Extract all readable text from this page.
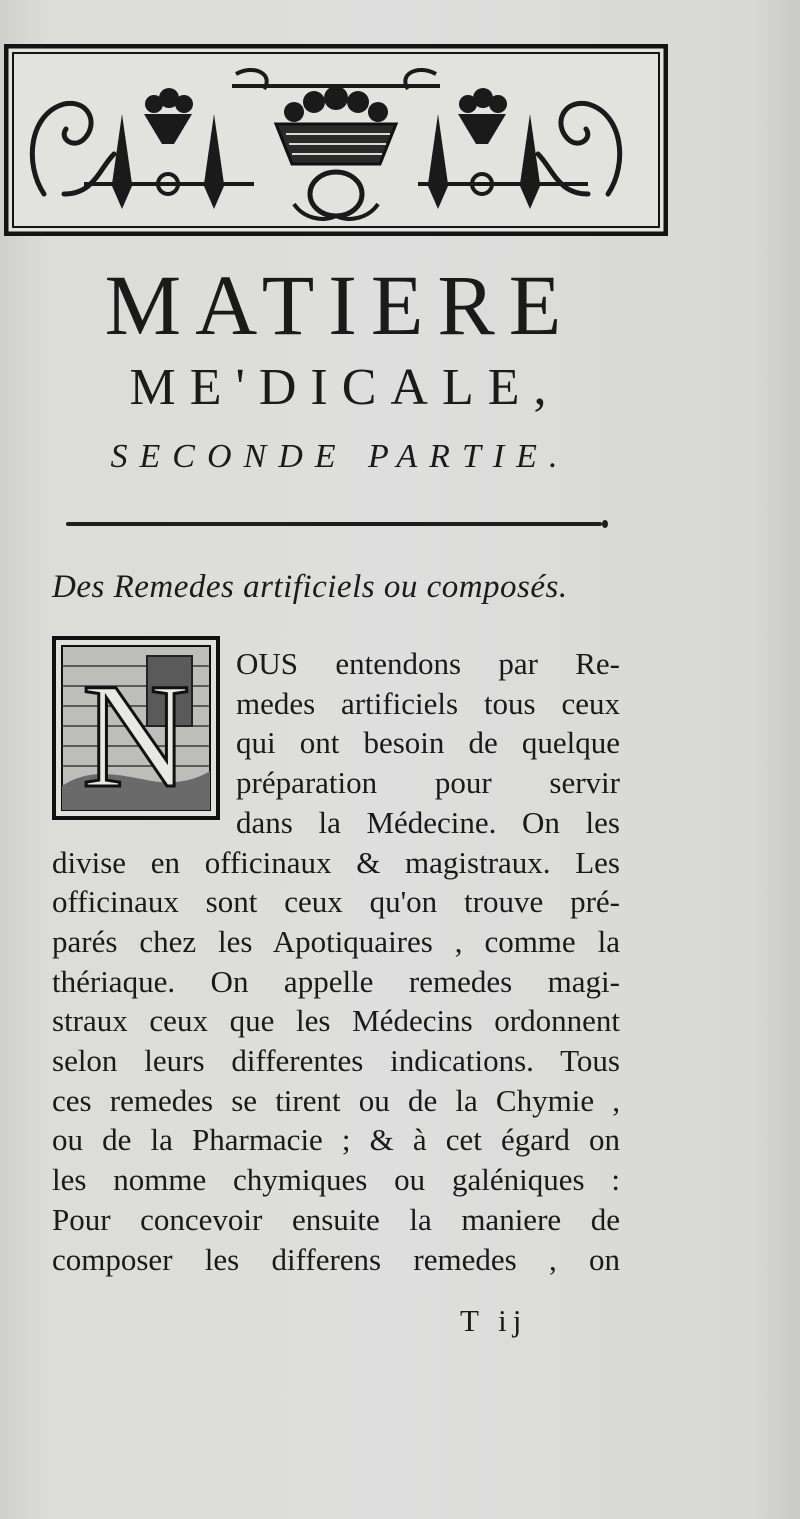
MATIERE
ME'DICALE,
SECONDE PARTIE.
Des Remedes artificiels ou composés.
N OUS entendons par Re-
medes artificiels tous ceux
qui ont besoin de quelque
préparation pour servir
dans la Médecine. On les
divise en officinaux & magistraux. Les
officinaux sont ceux qu'on trouve pré-
parés chez les Apotiquaires , comme la
thériaque. On appelle remedes magi-
straux ceux que les Médecins ordonnent
selon leurs differentes indications. Tous
ces remedes se tirent ou de la Chymie ,
ou de la Pharmacie ; & à cet égard on
les nomme chymiques ou galéniques :
Pour concevoir ensuite la maniere de
composer les differens remedes , on
T ij
